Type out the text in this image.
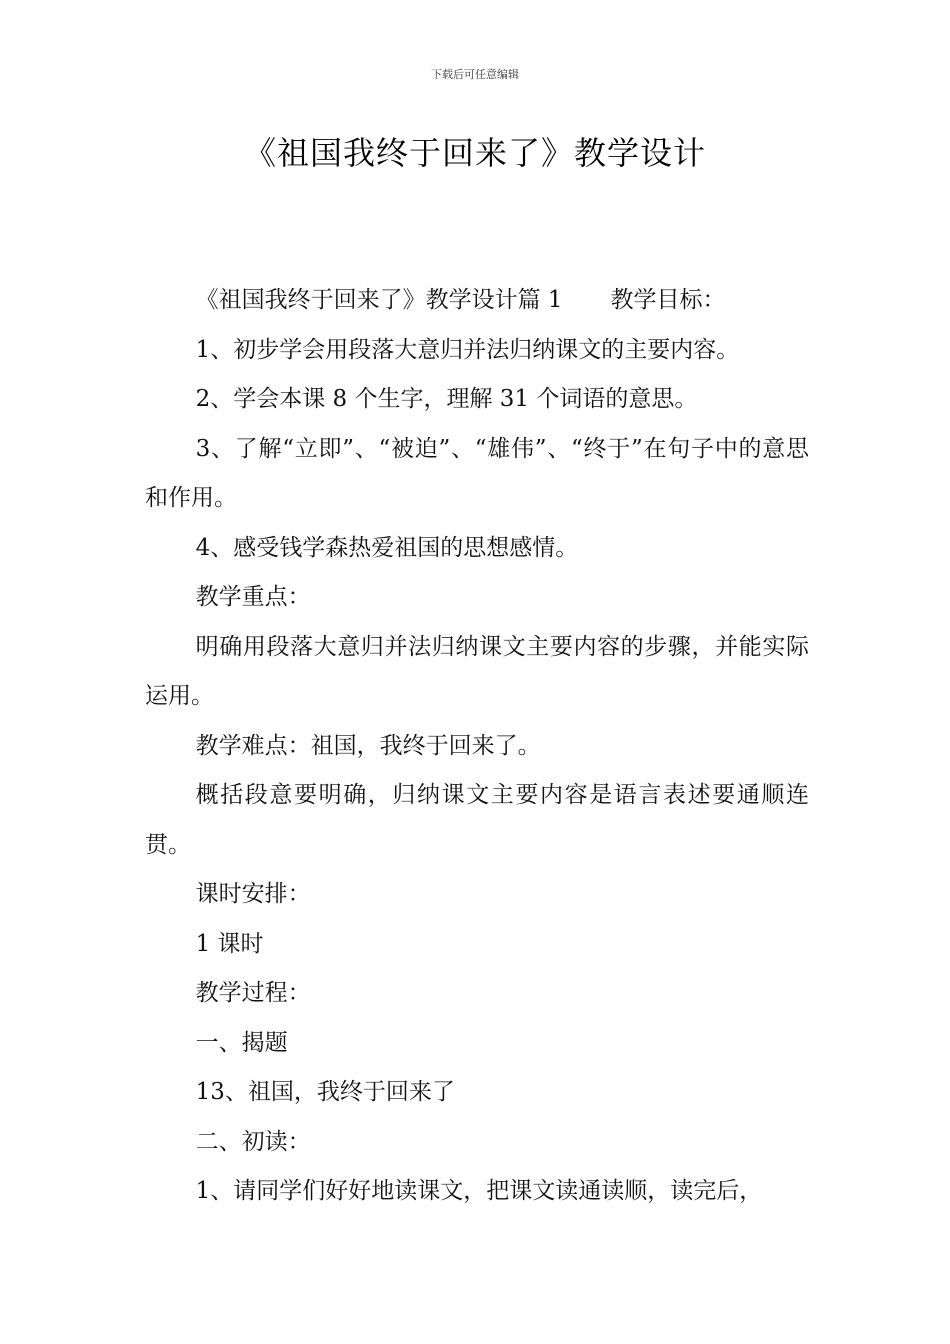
下载后可任意编辑
《祖国我终于回来了》教学设计

《祖国我终于回来了》教学设计篇 1 教学目标：

1、初步学会用段落大意归并法归纳课文的主要内容。

2、学会本课 8 个生字，理解 31 个词语的意思。

3、了解“立即”、“被迫”、“雄伟”、“终于”在句子中的意思和作用。

4、感受钱学森热爱祖国的思想感情。

教学重点：

明确用段落大意归并法归纳课文主要内容的步骤，并能实际运用。

教学难点：祖国，我终于回来了。

概括段意要明确，归纳课文主要内容是语言表述要通顺连贯。

课时安排：

1 课时

教学过程：

一、揭题

13、祖国，我终于回来了

二、初读：

1、请同学们好好地读课文，把课文读通读顺，读完后，
